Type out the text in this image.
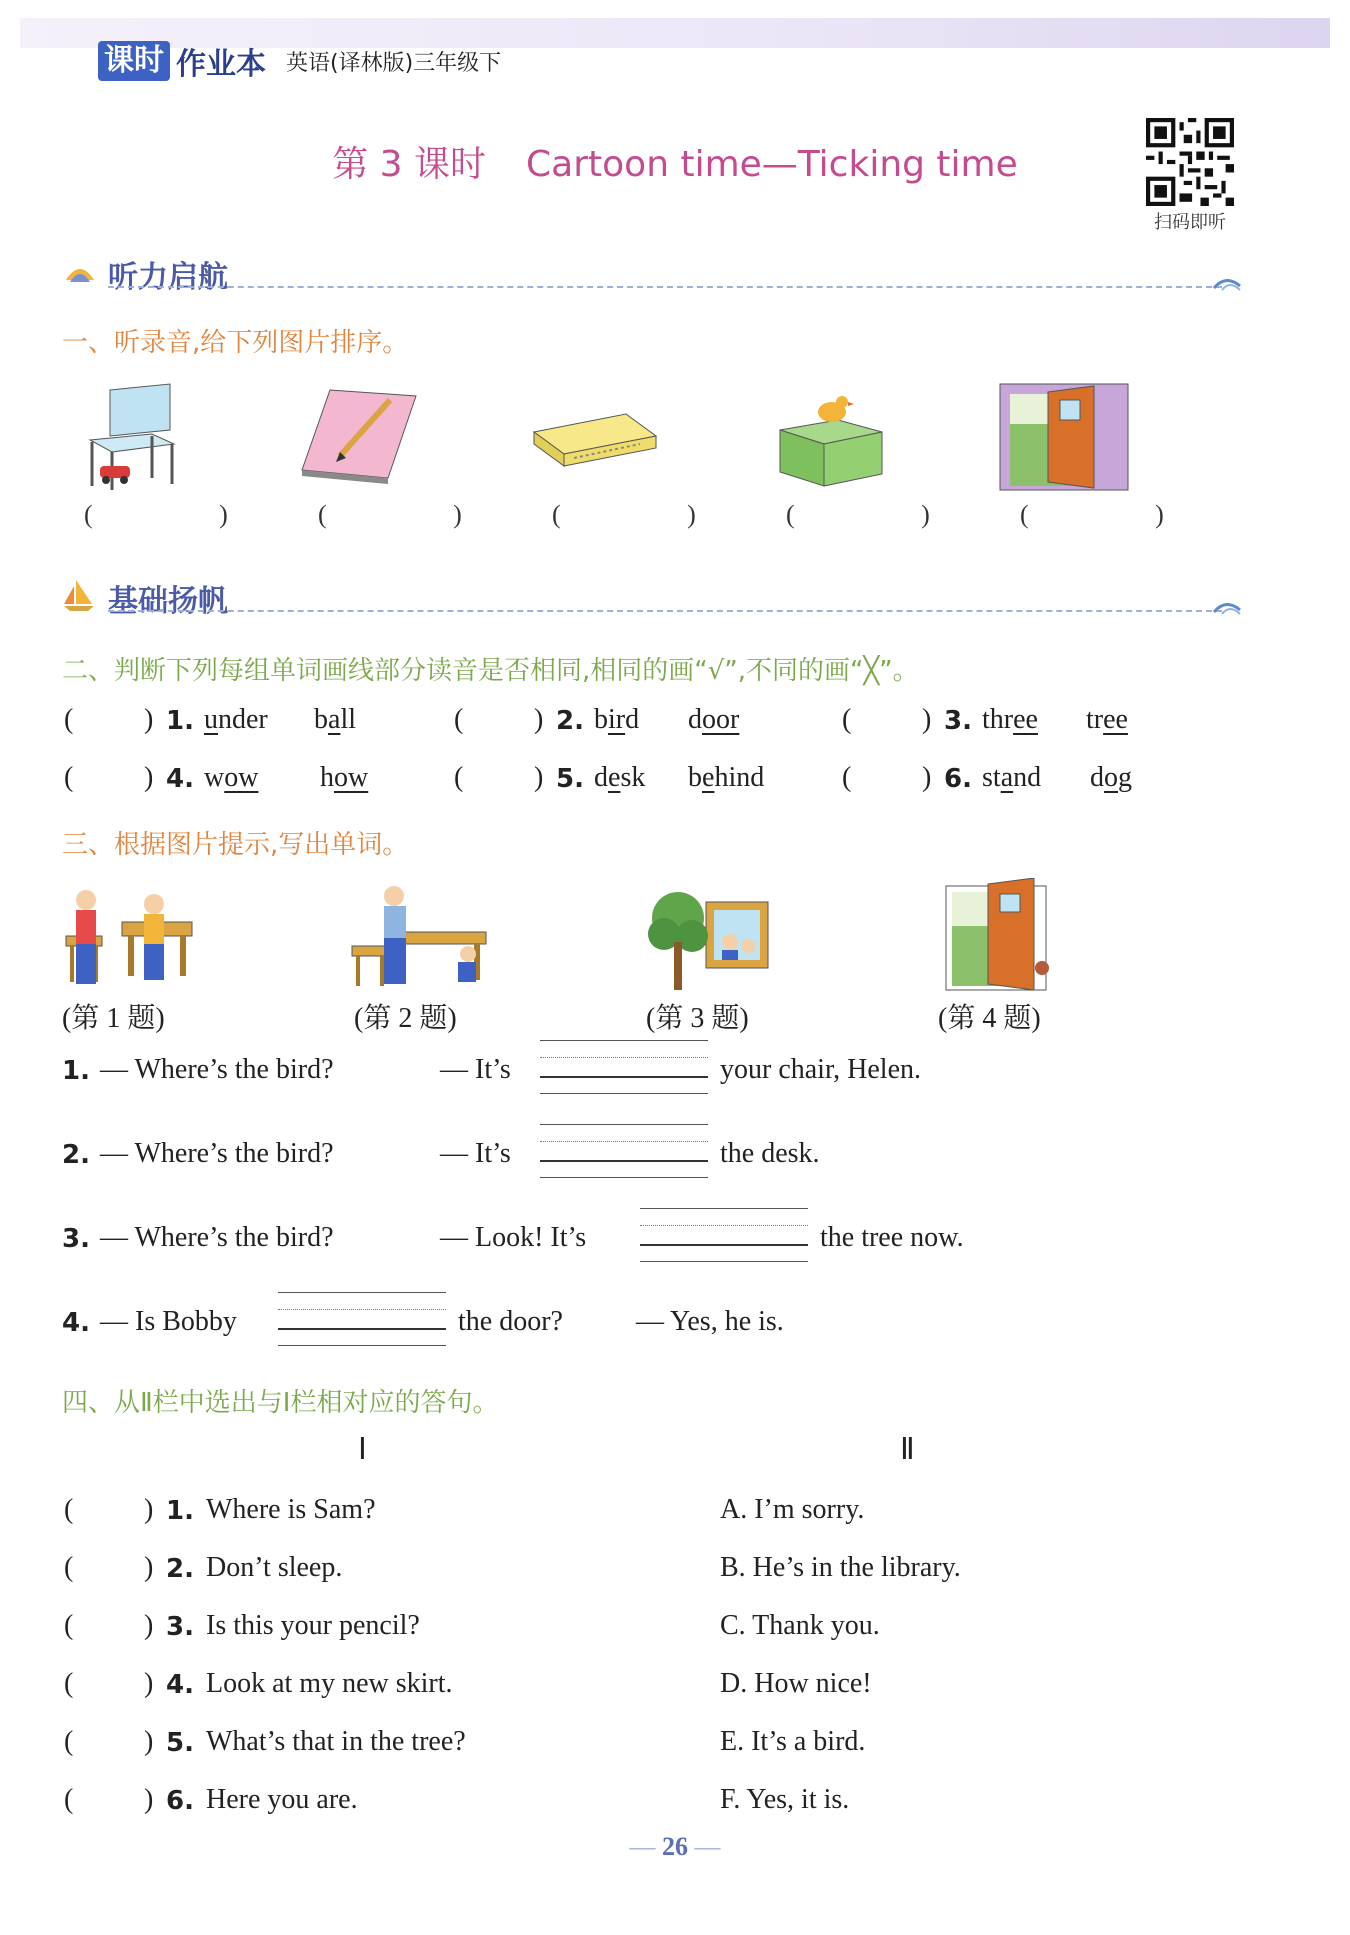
课时 作业本 英语(译林版)三年级下
第 3 课时 Cartoon time—Ticking time
扫码即听
听力启航
一、听录音,给下列图片排序。
( ) ( ) ( ) ( ) ( )
基础扬帆
二、判断下列每组单词画线部分读音是否相同,相同的画“√”,不同的画“╳”。
(	) 1. under ball	(	) 2. bird door	(	) 3. three tree
(	) 4. wow how	(	) 5. desk behind	(	) 6. stand dog
三、根据图片提示,写出单词。
(第 1 题)	(第 2 题)	(第 3 题)	(第 4 题)
1. — Where’s the bird?	— It’s	your chair, Helen.
2. — Where’s the bird?	— It’s	the desk.
3. — Where’s the bird?	— Look! It’s	the tree now.
4. — Is Bobby	the door?	— Yes, he is.
四、从Ⅱ栏中选出与Ⅰ栏相对应的答句。
Ⅰ	Ⅱ
(	) 1. Where is Sam?	A. I’m sorry.
(	) 2. Don’t sleep.	B. He’s in the library.
(	) 3. Is this your pencil?	C. Thank you.
(	) 4. Look at my new skirt.	D. How nice!
(	) 5. What’s that in the tree?	E. It’s a bird.
(	) 6. Here you are.	F. Yes, it is.
— 26 —
